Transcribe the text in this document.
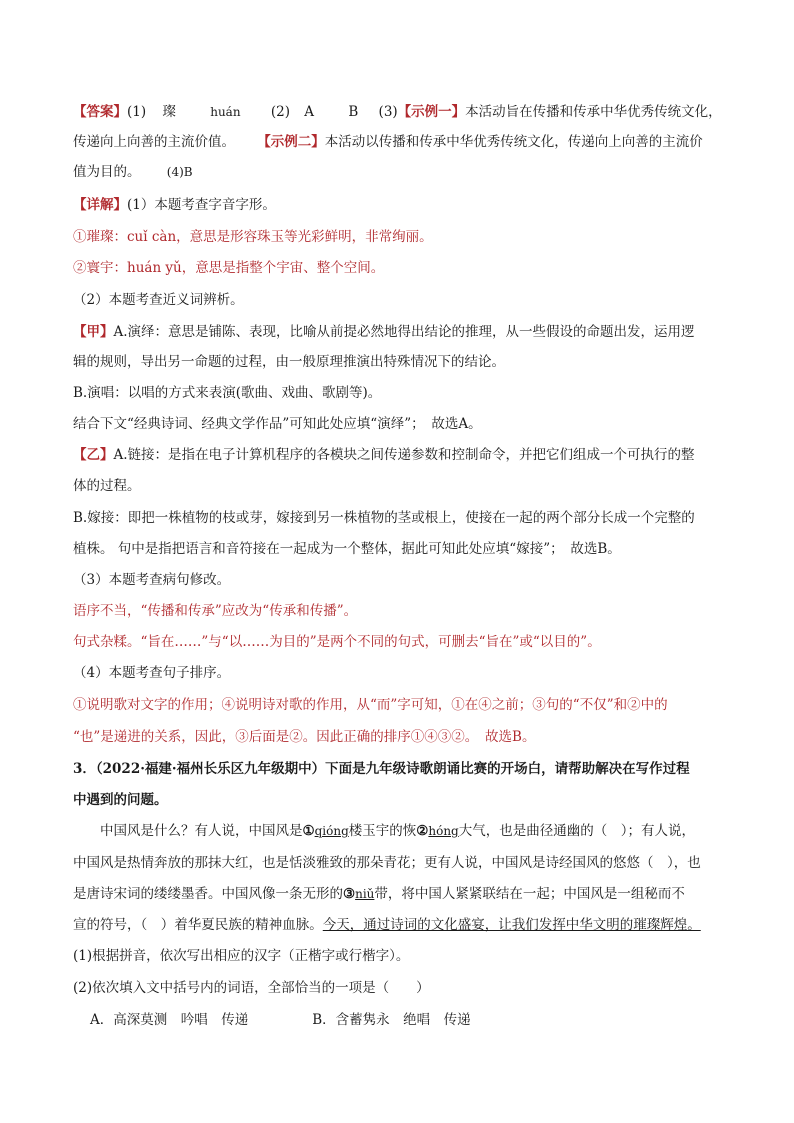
【答案】(1) 璨	huán (2) A	B (3)【示例一】本活动旨在传播和传承中华优秀传统文化，
传递向上向善的主流价值。 【示例二】本活动以传播和传承中华优秀传统文化，传递向上向善的主流价
值为目的。 (4)B
【详解】(1）本题考查字音字形。
①璀璨：cuǐ càn，意思是形容珠玉等光彩鲜明，非常绚丽。
②寰宇：huán yǔ，意思是指整个宇宙、整个空间。
（2）本题考查近义词辨析。
【甲】A.演绎：意思是铺陈、表现，比喻从前提必然地得出结论的推理，从一些假设的命题出发，运用逻
辑的规则，导出另一命题的过程，由一般原理推演出特殊情况下的结论。
B.演唱：以唱的方式来表演(歌曲、戏曲、歌剧等)。
结合下文“经典诗词、经典文学作品”可知此处应填“演绎”；　故选A。
【乙】A.链接：是指在电子计算机程序的各模块之间传递参数和控制命令，并把它们组成一个可执行的整
体的过程。
B.嫁接：即把一株植物的枝或芽，嫁接到另一株植物的茎或根上，使接在一起的两个部分长成一个完整的
植株。 句中是指把语言和音符接在一起成为一个整体，据此可知此处应填“嫁接”；　故选B。
（3）本题考查病句修改。
语序不当，“传播和传承”应改为“传承和传播”。
句式杂糅。“旨在……”与“以……为目的”是两个不同的句式，可删去“旨在”或“以目的”。
（4）本题考查句子排序。
①说明歌对文字的作用；④说明诗对歌的作用，从“而”字可知，①在④之前；③句的“不仅”和②中的
“也”是递进的关系，因此，③后面是②。因此正确的排序①④③②。　故选B。
3．（2022·福建·福州长乐区九年级期中）下面是九年级诗歌朗诵比赛的开场白，请帮助解决在写作过程
中遇到的问题。
中国风是什么？有人说，中国风是①qióng楼玉宇的恢②hóng大气，也是曲径通幽的（　）；有人说，
中国风是热情奔放的那抹大红，也是恬淡雅致的那朵青花；更有人说，中国风是诗经国风的悠悠（　），也
是唐诗宋词的缕缕墨香。中国风像一条无形的③niǔ带，将中国人紧紧联结在一起；中国风是一组秘而不
宣的符号，（　）着华夏民族的精神血脉。今天，通过诗词的文化盛宴，让我们发挥中华文明的璀璨辉煌。
(1)根据拼音，依次写出相应的汉字（正楷字或行楷字）。
(2)依次填入文中括号内的词语，全部恰当的一项是（　　）
A．高深莫测　吟唱　传递	B．含蓄隽永　绝唱　传递
